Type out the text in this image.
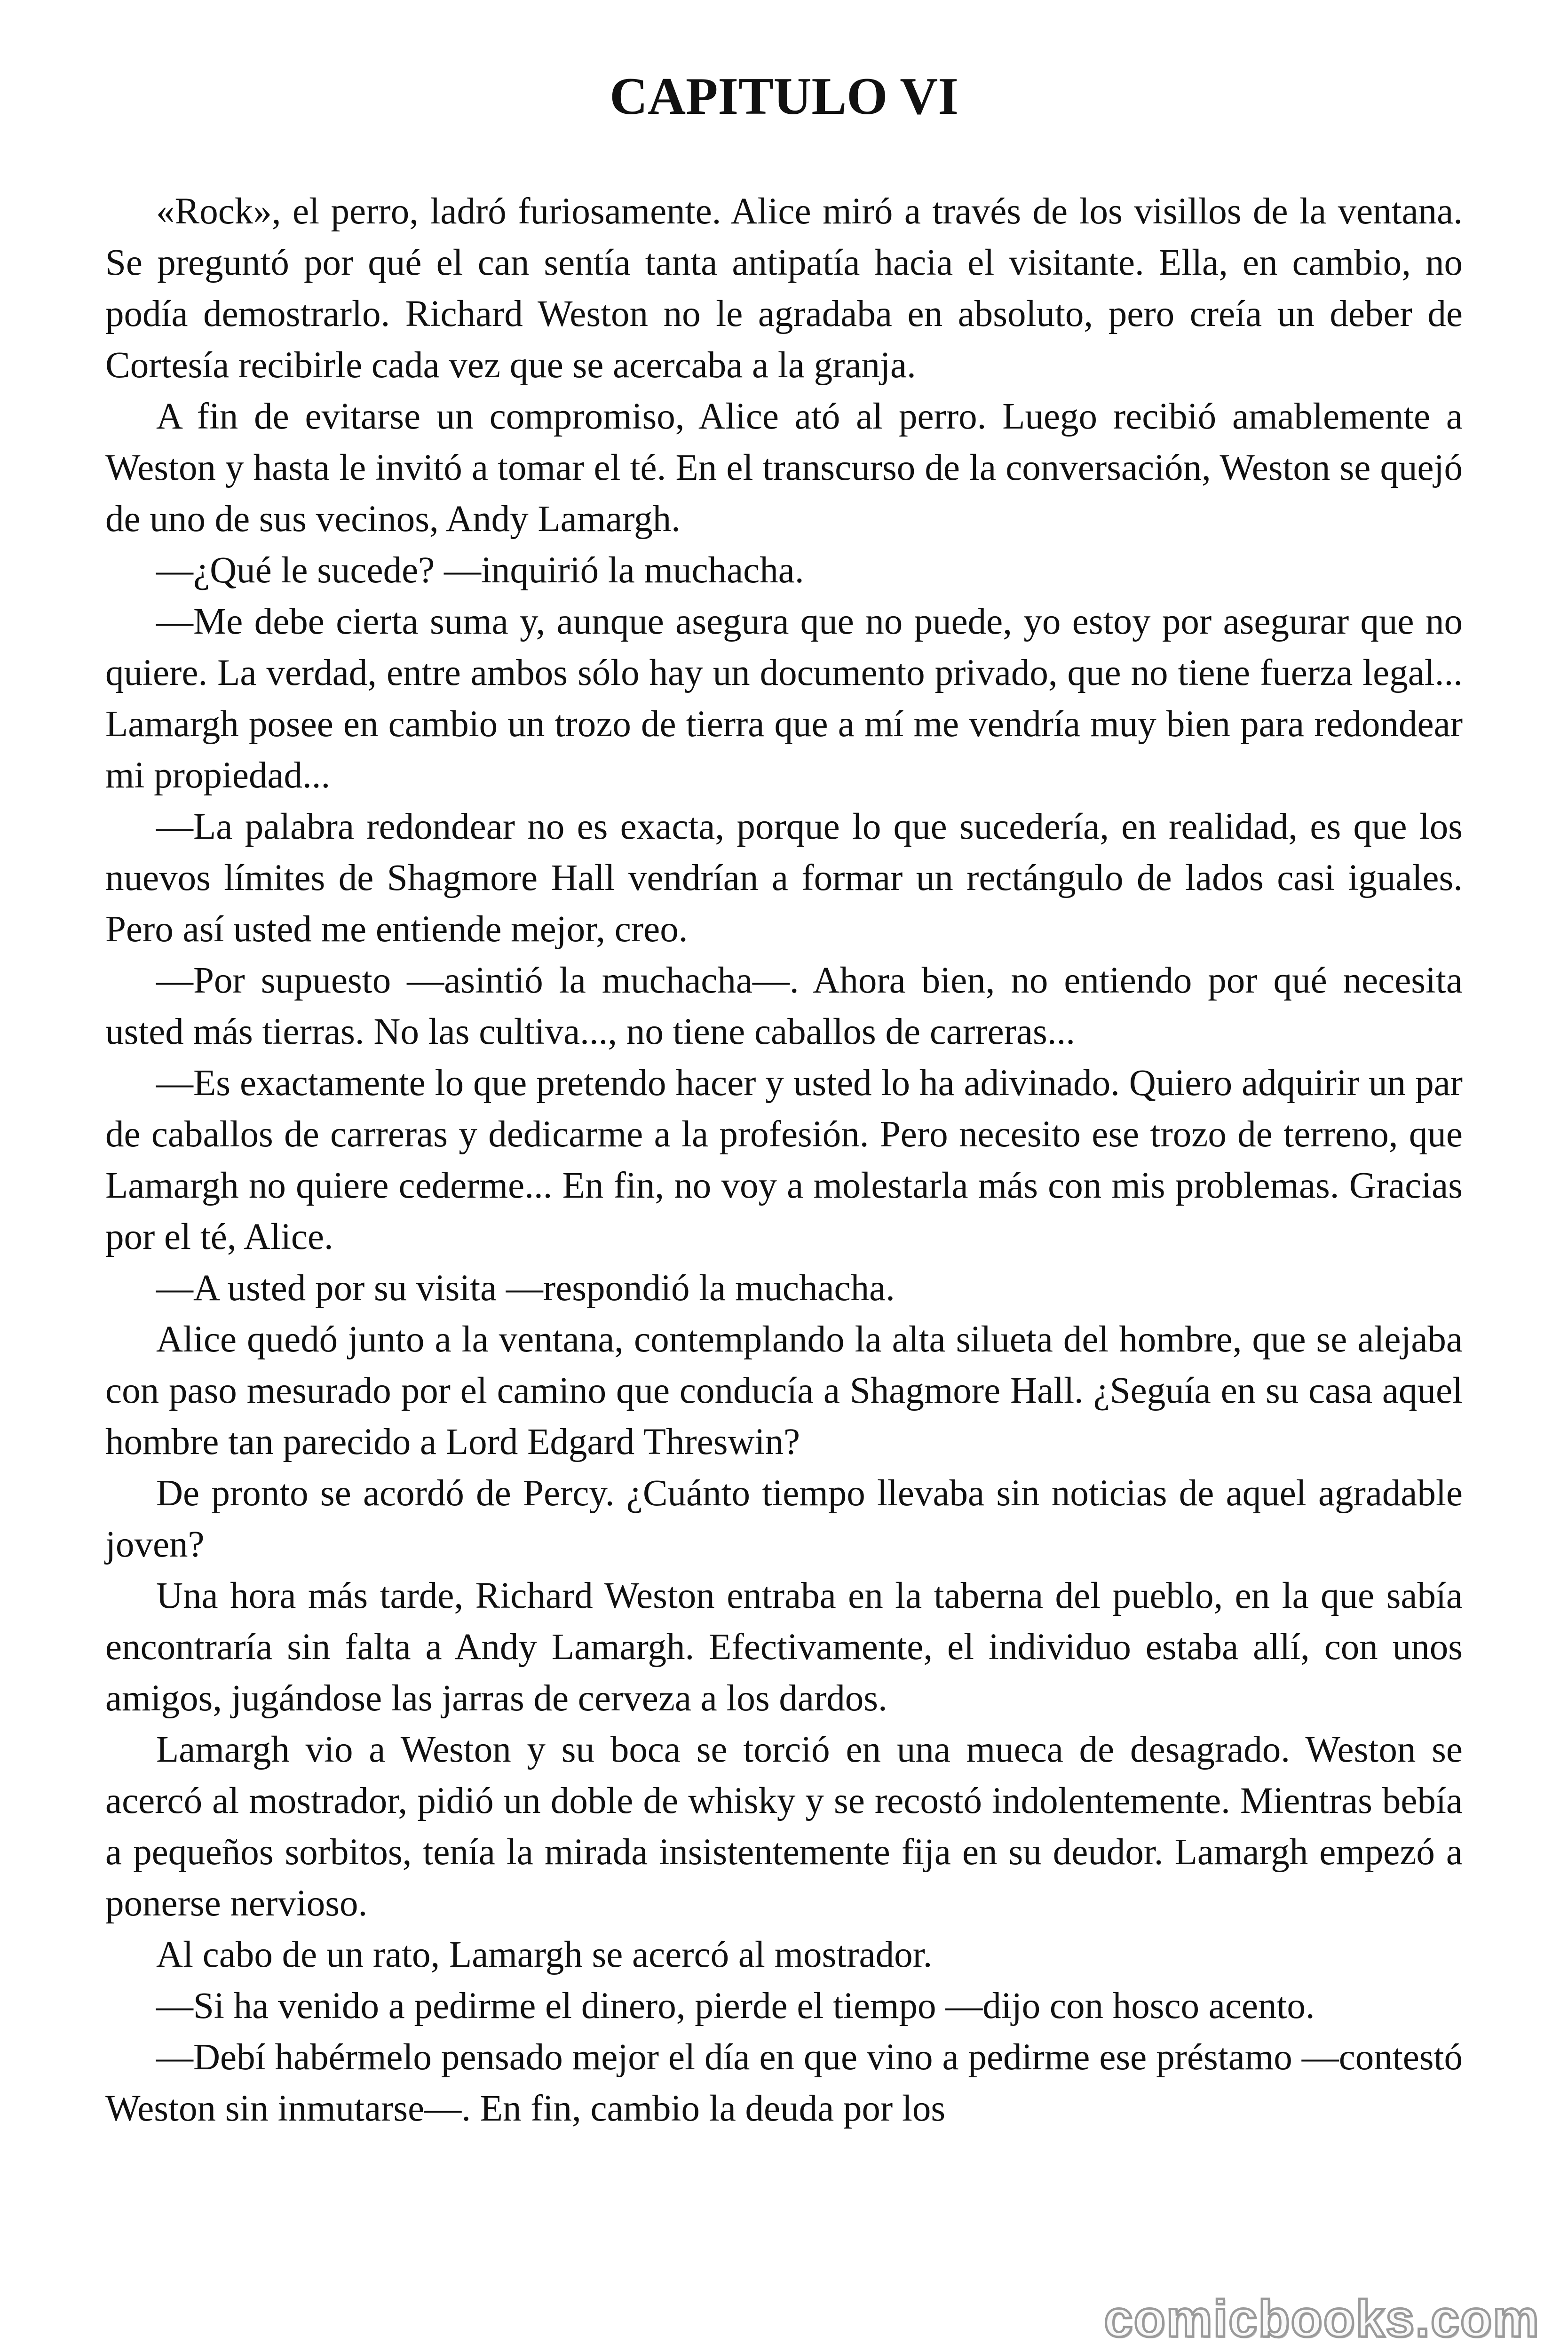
CAPITULO VI

«Rock», el perro, ladró furiosamente. Alice miró a través de los visillos de la ventana. Se preguntó por qué el can sentía tanta antipatía hacia el visitante. Ella, en cambio, no podía demostrarlo. Richard Weston no le agradaba en absoluto, pero creía un deber de Cortesía recibirle cada vez que se acercaba a la granja.

A fin de evitarse un compromiso, Alice ató al perro. Luego recibió amablemente a Weston y hasta le invitó a tomar el té. En el transcurso de la conversación, Weston se quejó de uno de sus vecinos, Andy Lamargh.

—¿Qué le sucede? —inquirió la muchacha.

—Me debe cierta suma y, aunque asegura que no puede, yo estoy por asegurar que no quiere. La verdad, entre ambos sólo hay un documento privado, que no tiene fuerza legal... Lamargh posee en cambio un trozo de tierra que a mí me vendría muy bien para redondear mi propiedad...

—La palabra redondear no es exacta, porque lo que sucedería, en realidad, es que los nuevos límites de Shagmore Hall vendrían a formar un rectángulo de lados casi iguales. Pero así usted me entiende mejor, creo.

—Por supuesto —asintió la muchacha—. Ahora bien, no entiendo por qué necesita usted más tierras. No las cultiva..., no tiene caballos de carreras...

—Es exactamente lo que pretendo hacer y usted lo ha adivinado. Quiero adquirir un par de caballos de carreras y dedicarme a la profesión. Pero necesito ese trozo de terreno, que Lamargh no quiere cederme... En fin, no voy a molestarla más con mis problemas. Gracias por el té, Alice.

—A usted por su visita —respondió la muchacha.

Alice quedó junto a la ventana, contemplando la alta silueta del hombre, que se alejaba con paso mesurado por el camino que conducía a Shagmore Hall. ¿Seguía en su casa aquel hombre tan parecido a Lord Edgard Threswin?

De pronto se acordó de Percy. ¿Cuánto tiempo llevaba sin noticias de aquel agradable joven?

Una hora más tarde, Richard Weston entraba en la taberna del pueblo, en la que sabía encontraría sin falta a Andy Lamargh. Efectivamente, el individuo estaba allí, con unos amigos, jugándose las jarras de cerveza a los dardos.

Lamargh vio a Weston y su boca se torció en una mueca de desagrado. Weston se acercó al mostrador, pidió un doble de whisky y se recostó indolentemente. Mientras bebía a pequeños sorbitos, tenía la mirada insistentemente fija en su deudor. Lamargh empezó a ponerse nervioso.

Al cabo de un rato, Lamargh se acercó al mostrador.

—Si ha venido a pedirme el dinero, pierde el tiempo —dijo con hosco acento.

—Debí habérmelo pensado mejor el día en que vino a pedirme ese préstamo —contestó Weston sin inmutarse—. En fin, cambio la deuda por los

comicbooks.com
